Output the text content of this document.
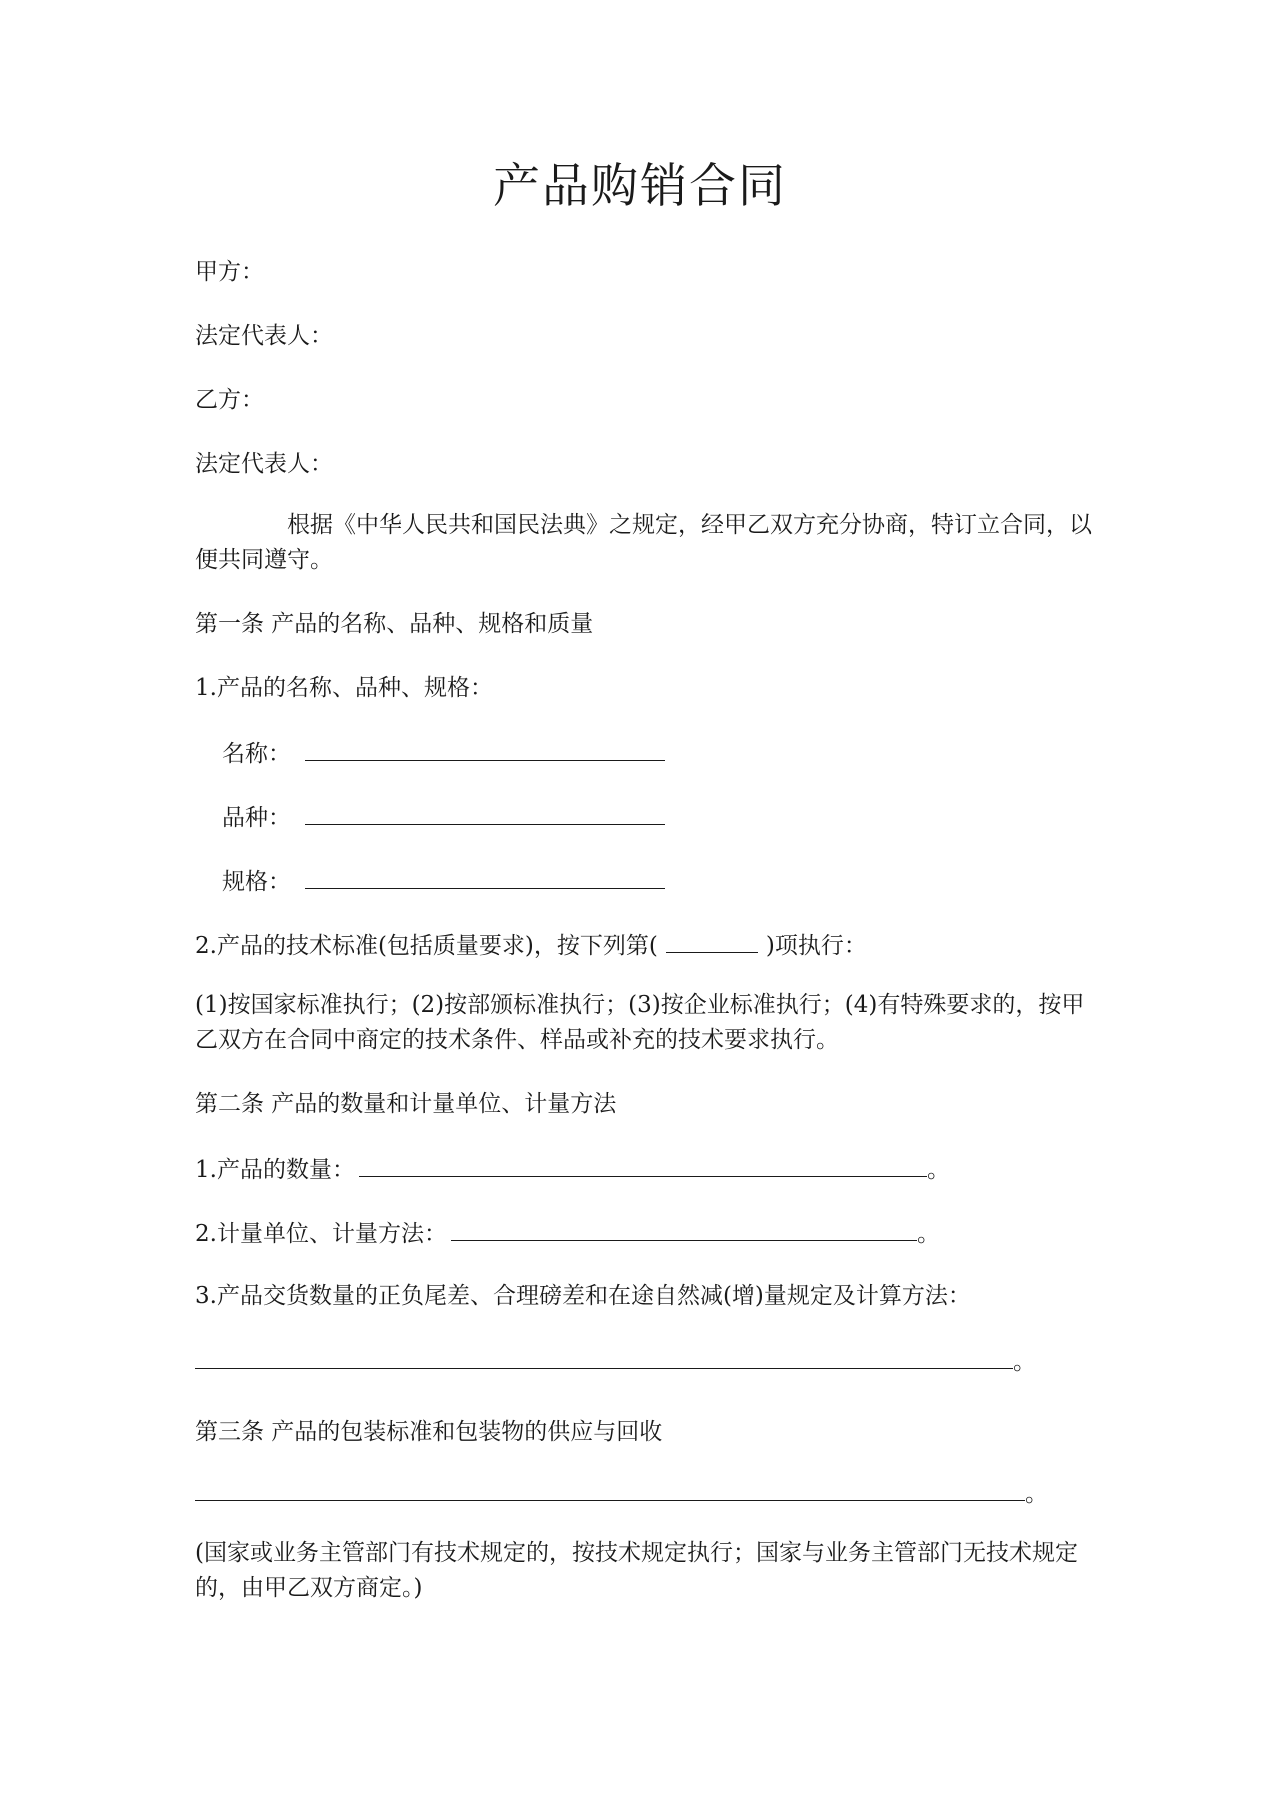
产品购销合同
甲方：
法定代表人：
乙方：
法定代表人：
根据《中华人民共和国民法典》之规定，经甲乙双方充分协商，特订立合同，以便共同遵守。
第一条 产品的名称、品种、规格和质量
1.产品的名称、品种、规格：
名称：
品种：
规格：
2.产品的技术标准(包括质量要求)，按下列第(	)项执行：
(1)按国家标准执行；(2)按部颁标准执行；(3)按企业标准执行；(4)有特殊要求的，按甲乙双方在合同中商定的技术条件、样品或补充的技术要求执行。
第二条 产品的数量和计量单位、计量方法
1.产品的数量：	。
2.计量单位、计量方法：	。
3.产品交货数量的正负尾差、合理磅差和在途自然减(增)量规定及计算方法：
。
第三条 产品的包装标准和包装物的供应与回收
。
(国家或业务主管部门有技术规定的，按技术规定执行；国家与业务主管部门无技术规定的，由甲乙双方商定。)
